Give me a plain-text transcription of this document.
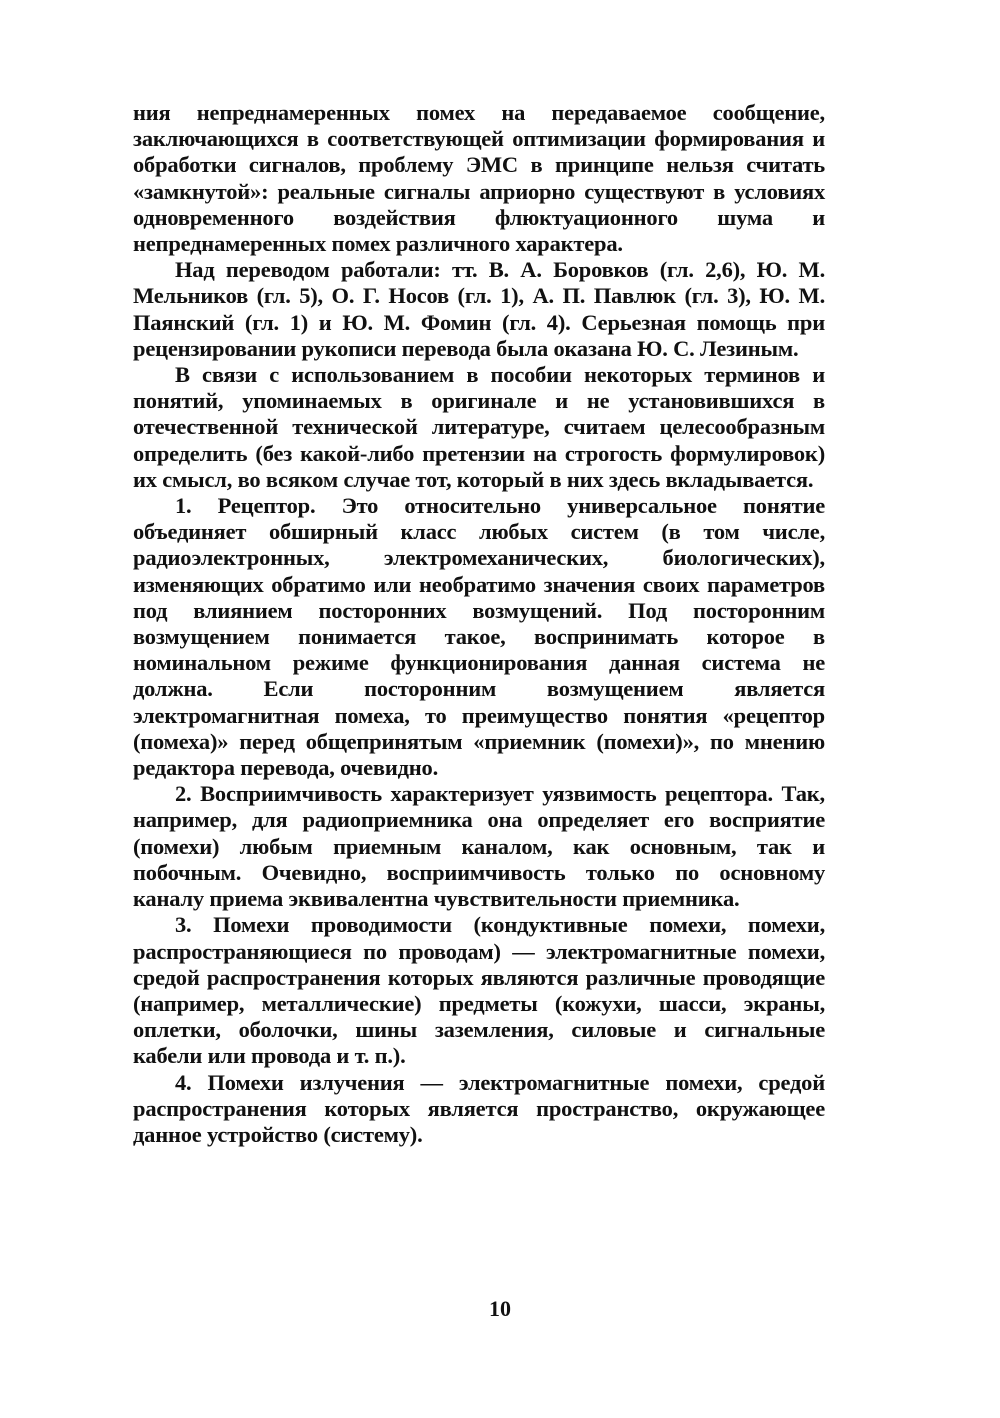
ния непреднамеренных помех на передаваемое сообщение, заключающихся в соответствующей оптимизации формирования и обработки сигналов, проблему ЭМС в принципе нельзя считать «замкнутой»: реальные сигналы априорно существуют в условиях одновременного воздействия флюктуационного шума и непреднамеренных помех различного характера.

Над переводом работали: тт. В. А. Боровков (гл. 2,6), Ю. М. Мельников (гл. 5), О. Г. Носов (гл. 1), А. П. Павлюк (гл. 3), Ю. М. Паянский (гл. 1) и Ю. М. Фомин (гл. 4). Серьезная помощь при рецензировании рукописи перевода была оказана Ю. С. Лезиным.

В связи с использованием в пособии некоторых терминов и понятий, упоминаемых в оригинале и не установившихся в отечественной технической литературе, считаем целесообразным определить (без какой-либо претензии на строгость формулировок) их смысл, во всяком случае тот, который в них здесь вкладывается.

1. Рецептор. Это относительно универсальное понятие объединяет обширный класс любых систем (в том числе, радиоэлектронных, электромеханических, биологических), изменяющих обратимо или необратимо значения своих параметров под влиянием посторонних возмущений. Под посторонним возмущением понимается такое, воспринимать которое в номинальном режиме функционирования данная система не должна. Если посторонним возмущением является электромагнитная помеха, то преимущество понятия «рецептор (помеха)» перед общепринятым «приемник (помехи)», по мнению редактора перевода, очевидно.

2. Восприимчивость характеризует уязвимость рецептора. Так, например, для радиоприемника она определяет его восприятие (помехи) любым приемным каналом, как основным, так и побочным. Очевидно, восприимчивость только по основному каналу приема эквивалентна чувствительности приемника.

3. Помехи проводимости (кондуктивные помехи, помехи, распространяющиеся по проводам) — электромагнитные помехи, средой распространения которых являются различные проводящие (например, металлические) предметы (кожухи, шасси, экраны, оплетки, оболочки, шины заземления, силовые и сигнальные кабели или провода и т. п.).

4. Помехи излучения — электромагнитные помехи, средой распространения которых является пространство, окружающее данное устройство (систему).

10
